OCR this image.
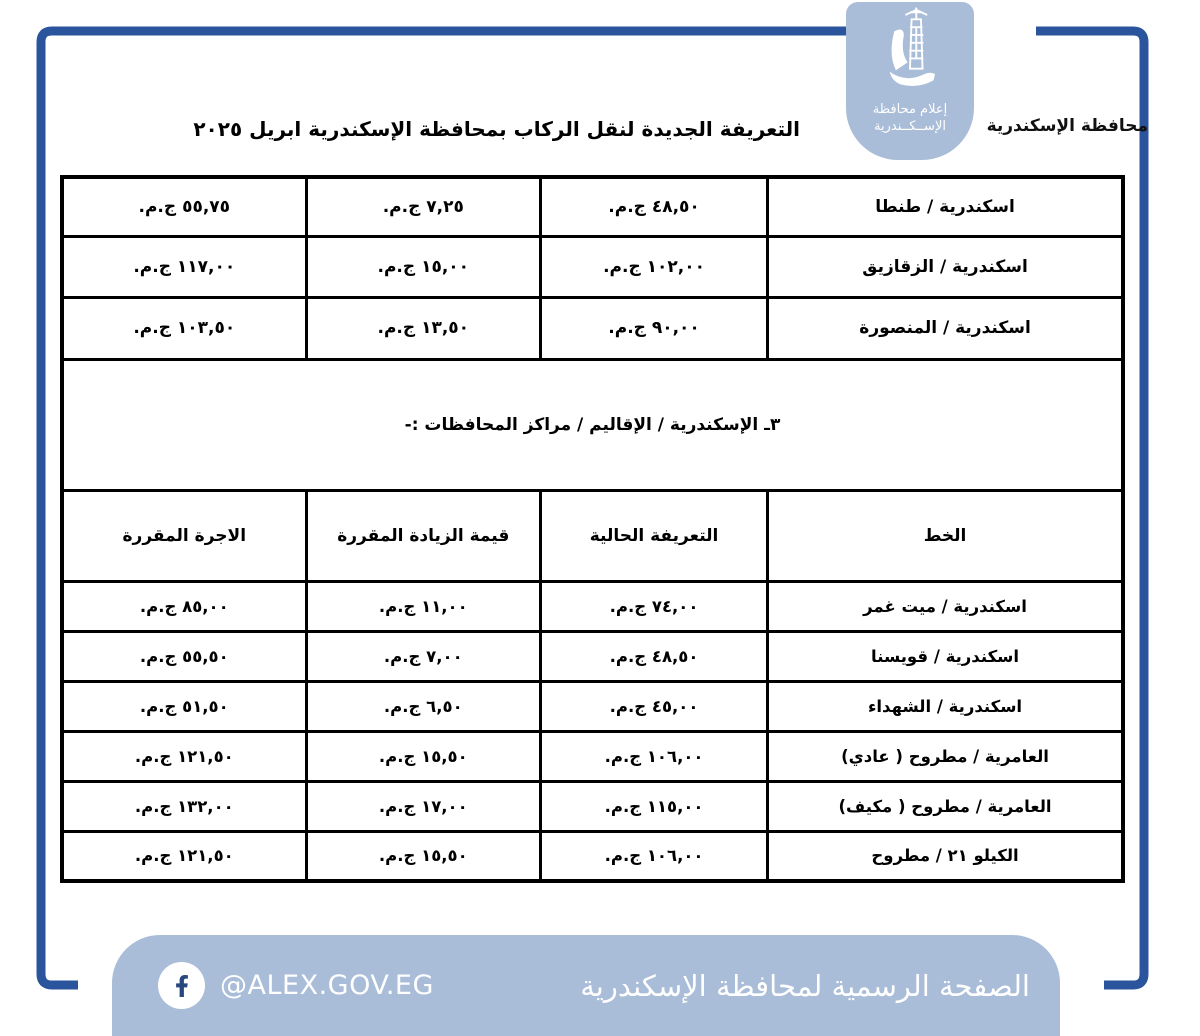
إعلام محافظة
الإســكــندرية محافظة الإسكندرية
التعريفة الجديدة لنقل الركاب بمحافظة الإسكندرية ابريل ٢٠٢٥
اسكندرية / طنطا	٤٨,٥٠ ج.م.	٧,٢٥ ج.م.	٥٥,٧٥ ج.م.
اسكندرية / الزقازيق	١٠٢,٠٠ ج.م.	١٥,٠٠ ج.م.	١١٧,٠٠ ج.م.
اسكندرية / المنصورة	٩٠,٠٠ ج.م.	١٣,٥٠ ج.م.	١٠٣,٥٠ ج.م.
٣ـ الإسكندرية / الإقاليم / مراكز المحافظات :-			
الخط	التعريفة الحالية	قيمة الزيادة المقررة	الاجرة المقررة
اسكندرية / ميت غمر	٧٤,٠٠ ج.م.	١١,٠٠ ج.م.	٨٥,٠٠ ج.م.
اسكندرية / قويسنا	٤٨,٥٠ ج.م.	٧,٠٠ ج.م.	٥٥,٥٠ ج.م.
اسكندرية / الشهداء	٤٥,٠٠ ج.م.	٦,٥٠ ج.م.	٥١,٥٠ ج.م.
العامرية / مطروح ( عادي)	١٠٦,٠٠ ج.م.	١٥,٥٠ ج.م.	١٢١,٥٠ ج.م.
العامرية / مطروح ( مكيف)	١١٥,٠٠ ج.م.	١٧,٠٠ ج.م.	١٣٢,٠٠ ج.م.
الكيلو ٢١ / مطروح	١٠٦,٠٠ ج.م.	١٥,٥٠ ج.م.	١٢١,٥٠ ج.م.
الصفحة الرسمية لمحافظة الإسكندرية
@ALEX.GOV.EG
